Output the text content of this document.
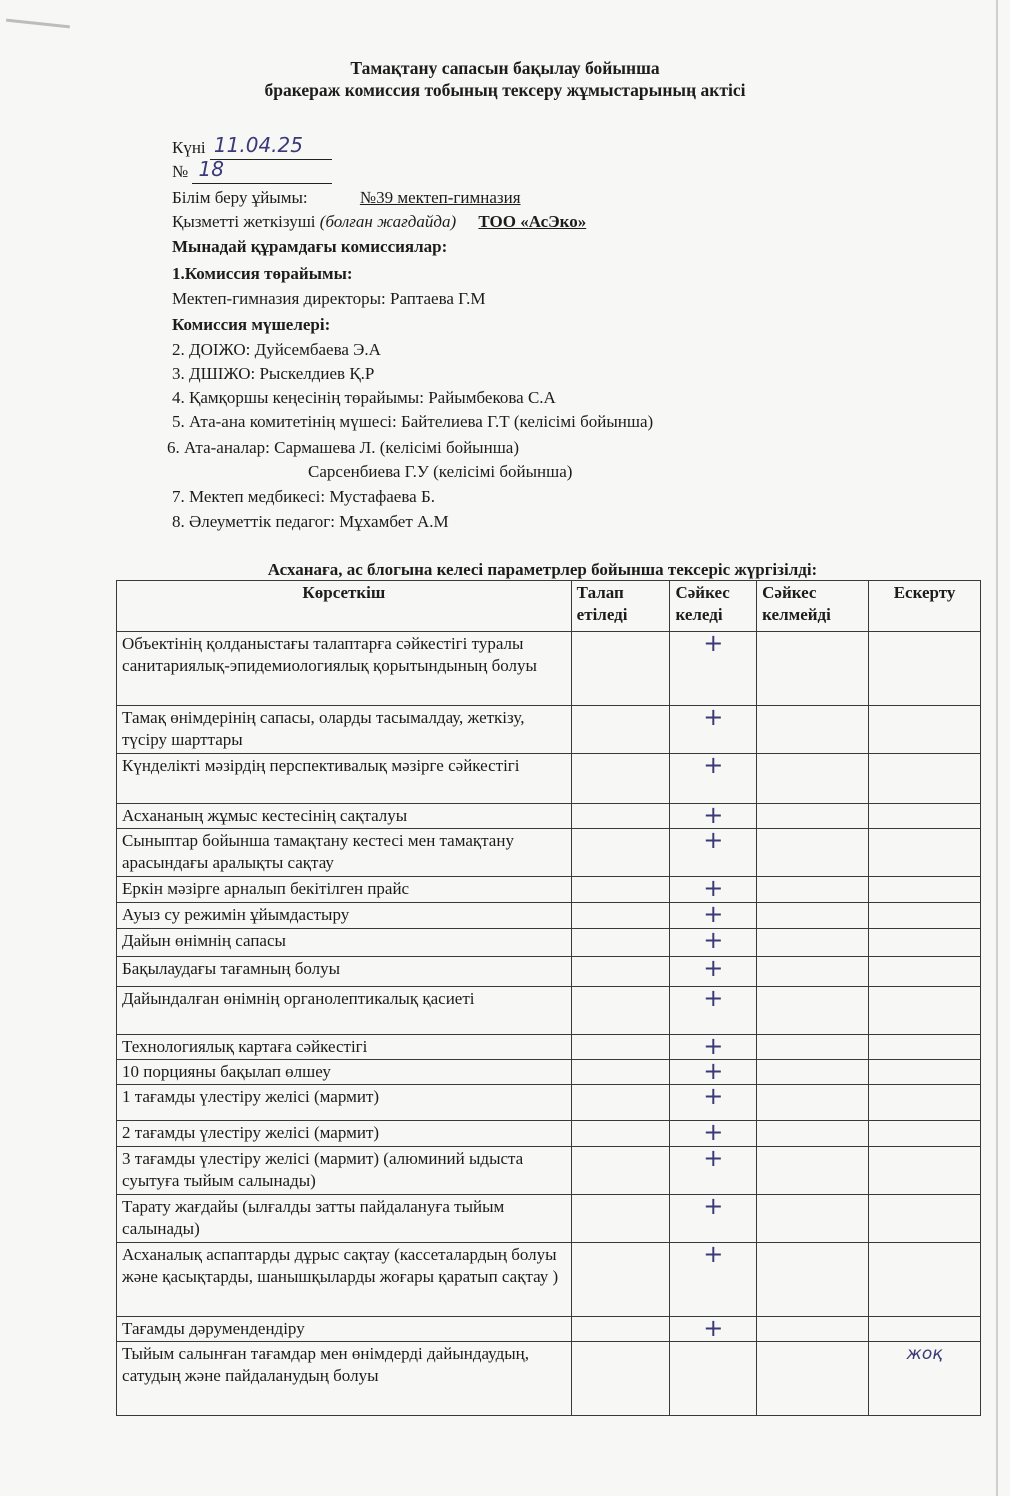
Тамақтану сапасын бақылау бойынша
бракераж комиссия тобының тексеру жұмыстарының актісі
Күні 11.04.25
№ 18
Білім беру ұйымы:	№39 мектеп-гимназия
Қызметті жеткізуші (болған жағдайда) ТОО «АсЭко»
Мынадай құрамдағы комиссиялар:
1.Комиссия төрайымы:
Мектеп-гимназия директоры: Раптаева Г.М
Комиссия мүшелері:
2. ДОІЖО: Дуйсембаева Э.А
3. ДШІЖО: Рыскелдиев Қ.Р
4. Қамқоршы кеңесінің төрайымы: Райымбекова С.А
5. Ата-ана комитетінің мүшесі: Байтелиева Г.Т (келісімі бойынша)
6. Ата-аналар: Сармашева Л. (келісімі бойынша)
Сарсенбиева Г.У (келісімі бойынша)
7. Мектеп медбикесі: Мустафаева Б.
8. Әлеуметтік педагог: Мұхамбет А.М
Асханаға, ас блогына келесі параметрлер бойынша тексеріс жүргізілді:
Көрсеткіш	Талап етіледі	Сәйкес келеді	Сәйкес келмейді	Ескерту
Объектінің қолданыстағы талаптарға сәйкестігі туралы санитариялық-эпидемиологиялық қорытындының болуы		+		
Тамақ өнімдерінің сапасы, оларды тасымалдау, жеткізу, түсіру шарттары		+		
Күнделікті мәзірдің перспективалық мәзірге сәйкестігі		+		
Асхананың жұмыс кестесінің сақталуы		+		
Сыныптар бойынша тамақтану кестесі мен тамақтану арасындағы аралықты сақтау		+		
Еркін мәзірге арналып бекітілген прайс		+		
Ауыз су режимін ұйымдастыру		+		
Дайын өнімнің сапасы		+		
Бақылаудағы тағамның болуы		+		
Дайындалған өнімнің органолептикалық қасиеті		+		
Технологиялық картаға сәйкестігі		+		
10 порцияны бақылап өлшеу		+		
1 тағамды үлестіру желісі (мармит)		+		
2 тағамды үлестіру желісі (мармит)		+		
3 тағамды үлестіру желісі (мармит) (алюминий ыдыста суытуға тыйым салынады)		+		
Тарату жағдайы (ылғалды затты пайдалануға тыйым салынады)		+		
Асханалық аспаптарды дұрыс сақтау (кассеталардың болуы және қасықтарды, шанышқыларды жоғары қаратып сақтау )		+		
Тағамды дәрумендендіру		+		
Тыйым салынған тағамдар мен өнімдерді дайындаудың, сатудың және пайдаланудың болуы				жоқ
